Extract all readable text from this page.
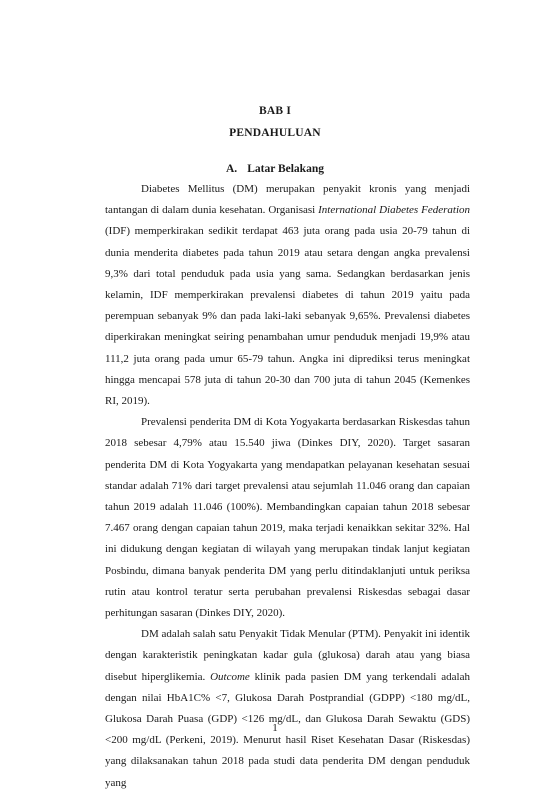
BAB I
PENDAHULUAN
A. Latar Belakang

Diabetes Mellitus (DM) merupakan penyakit kronis yang menjadi tantangan di dalam dunia kesehatan. Organisasi International Diabetes Federation (IDF) memperkirakan sedikit terdapat 463 juta orang pada usia 20-79 tahun di dunia menderita diabetes pada tahun 2019 atau setara dengan angka prevalensi 9,3% dari total penduduk pada usia yang sama. Sedangkan berdasarkan jenis kelamin, IDF memperkirakan prevalensi diabetes di tahun 2019 yaitu pada perempuan sebanyak 9% dan pada laki-laki sebanyak 9,65%. Prevalensi diabetes diperkirakan meningkat seiring penambahan umur penduduk menjadi 19,9% atau 111,2 juta orang pada umur 65-79 tahun. Angka ini diprediksi terus meningkat hingga mencapai 578 juta di tahun 20-30 dan 700 juta di tahun 2045 (Kemenkes RI, 2019).

Prevalensi penderita DM di Kota Yogyakarta berdasarkan Riskesdas tahun 2018 sebesar 4,79% atau 15.540 jiwa (Dinkes DIY, 2020). Target sasaran penderita DM di Kota Yogyakarta yang mendapatkan pelayanan kesehatan sesuai standar adalah 71% dari target prevalensi atau sejumlah 11.046 orang dan capaian tahun 2019 adalah 11.046 (100%). Membandingkan capaian tahun 2018 sebesar 7.467 orang dengan capaian tahun 2019, maka terjadi kenaikkan sekitar 32%. Hal ini didukung dengan kegiatan di wilayah yang merupakan tindak lanjut kegiatan Posbindu, dimana banyak penderita DM yang perlu ditindaklanjuti untuk periksa rutin atau kontrol teratur serta perubahan prevalensi Riskesdas sebagai dasar perhitungan sasaran (Dinkes DIY, 2020).

DM adalah salah satu Penyakit Tidak Menular (PTM). Penyakit ini identik dengan karakteristik peningkatan kadar gula (glukosa) darah atau yang biasa disebut hiperglikemia. Outcome klinik pada pasien DM yang terkendali adalah dengan nilai HbA1C% <7, Glukosa Darah Postprandial (GDPP) <180 mg/dL, Glukosa Darah Puasa (GDP) <126 mg/dL, dan Glukosa Darah Sewaktu (GDS) <200 mg/dL (Perkeni, 2019). Menurut hasil Riset Kesehatan Dasar (Riskesdas) yang dilaksanakan tahun 2018 pada studi data penderita DM dengan penduduk yang

1
